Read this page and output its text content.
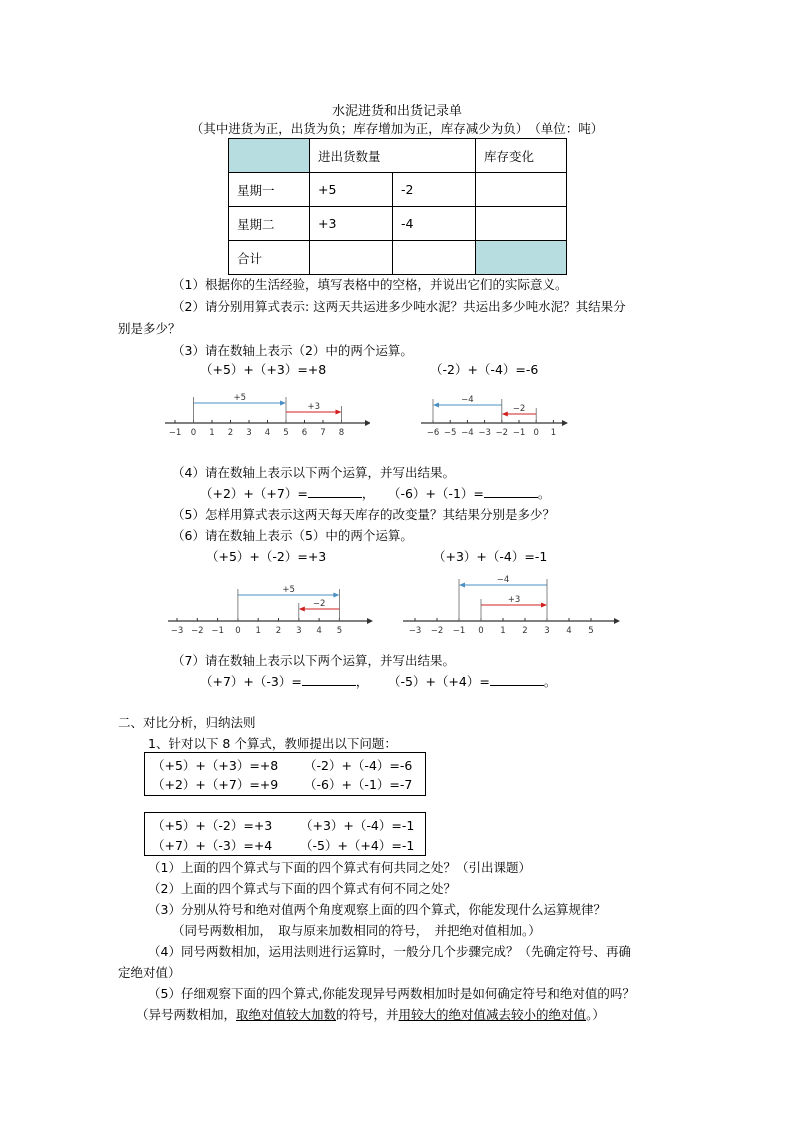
水泥进货和出货记录单
（其中进货为正，出货为负；库存增加为正，库存减少为负）　（单位：吨）
	进出货数量		库存变化
星期一	+5	-2	
星期二	+3	-4	
合计			
（1）根据你的生活经验，填写表格中的空格，并说出它们的实际意义。
（2）请分别用算式表示: 这两天共运进多少吨水泥？共运出多少吨水泥？其结果分
别是多少？
（3）请在数轴上表示（2）中的两个运算。
（+5）+（+3）=+8	（-2）+（-4）=-6
−1 0 1 2 3 4 5 6 7 8
+5
+3
−6 −5 −4 −3 −2 −1 0 1
−4
−2
（4）请在数轴上表示以下两个运算，并写出结果。
（+2）+（+7）=	， （-6）+（-1）=	。
（5）怎样用算式表示这两天每天库存的改变量？其结果分别是多少？
（6）请在数轴上表示（5）中的两个运算。
（+5）+（-2）=+3	（+3）+（-4）=-1
−3 −2 −1 0 1 2 3 4 5
+5
−2
−3 −2 −1 0 1 2 3 4 5
−4
+3
（7）请在数轴上表示以下两个运算，并写出结果。
（+7）+（-3）=	， （-5）+（+4）=	。
二、对比分析，归纳法则
1、针对以下 8 个算式，教师提出以下问题：
（+5）+（+3）=+8 （-2）+（-4）=-6
（+2）+（+7）=+9 （-6）+（-1）=-7
（+5）+（-2）=+3 （+3）+（-4）=-1
（+7）+（-3）=+4 （-5）+（+4）=-1
（1）上面的四个算式与下面的四个算式有何共同之处？（引出课题）
（2）上面的四个算式与下面的四个算式有何不同之处？
（3）分别从符号和绝对值两个角度观察上面的四个算式，你能发现什么运算规律？
（同号两数相加，　取与原来加数相同的符号，　并把绝对值相加。）
（4）同号两数相加，运用法则进行运算时，一般分几个步骤完成？（先确定符号、再确
定绝对值）
（5）仔细观察下面的四个算式,你能发现异号两数相加时是如何确定符号和绝对值的吗？
（异号两数相加，取绝对值较大加数的符号，并用较大的绝对值减去较小的绝对值。）
